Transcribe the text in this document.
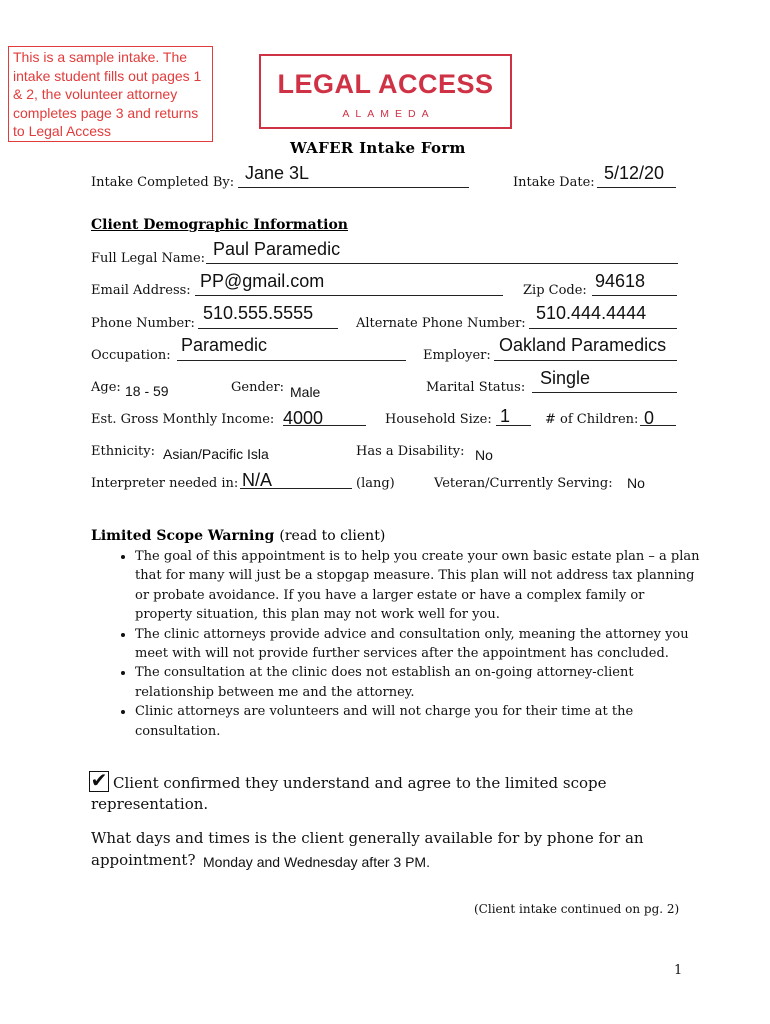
This is a sample intake. The intake student fills out pages 1 & 2, the volunteer attorney completes page 3 and returns to Legal Access
LEGAL ACCESS
ALAMEDA
WAFER Intake Form
Intake Completed By: Jane 3L	Intake Date: 5/12/20
Client Demographic Information
Full Legal Name: Paul Paramedic
Email Address: PP@gmail.com	Zip Code: 94618
Phone Number:
510.555.5555
Alternate Phone Number:
510.444.4444
Occupation:
Paramedic
Employer:
Oakland Paramedics
Age: 18 - 59	Gender: Male	Marital Status: Single
Est. Gross Monthly Income: 4000	Household Size: 1	# of Children: 0
Ethnicity: Asian/Pacific Isla	Has a Disability: No
Interpreter needed in: N/A	(lang)	Veteran/Currently Serving: No
Limited Scope Warning (read to client)
• The goal of this appointment is to help you create your own basic estate plan – a plan that for many will just be a stopgap measure. This plan will not address tax planning or probate avoidance. If you have a larger estate or have a complex family or property situation, this plan may not work well for you.
• The clinic attorneys provide advice and consultation only, meaning the attorney you meet with will not provide further services after the appointment has concluded.
• The consultation at the clinic does not establish an on-going attorney-client relationship between me and the attorney.
• Clinic attorneys are volunteers and will not charge you for their time at the consultation.
✔ Client confirmed they understand and agree to the limited scope
representation.
What days and times is the client generally available for by phone for an
appointment? Monday and Wednesday after 3 PM.
(Client intake continued on pg. 2)
1
